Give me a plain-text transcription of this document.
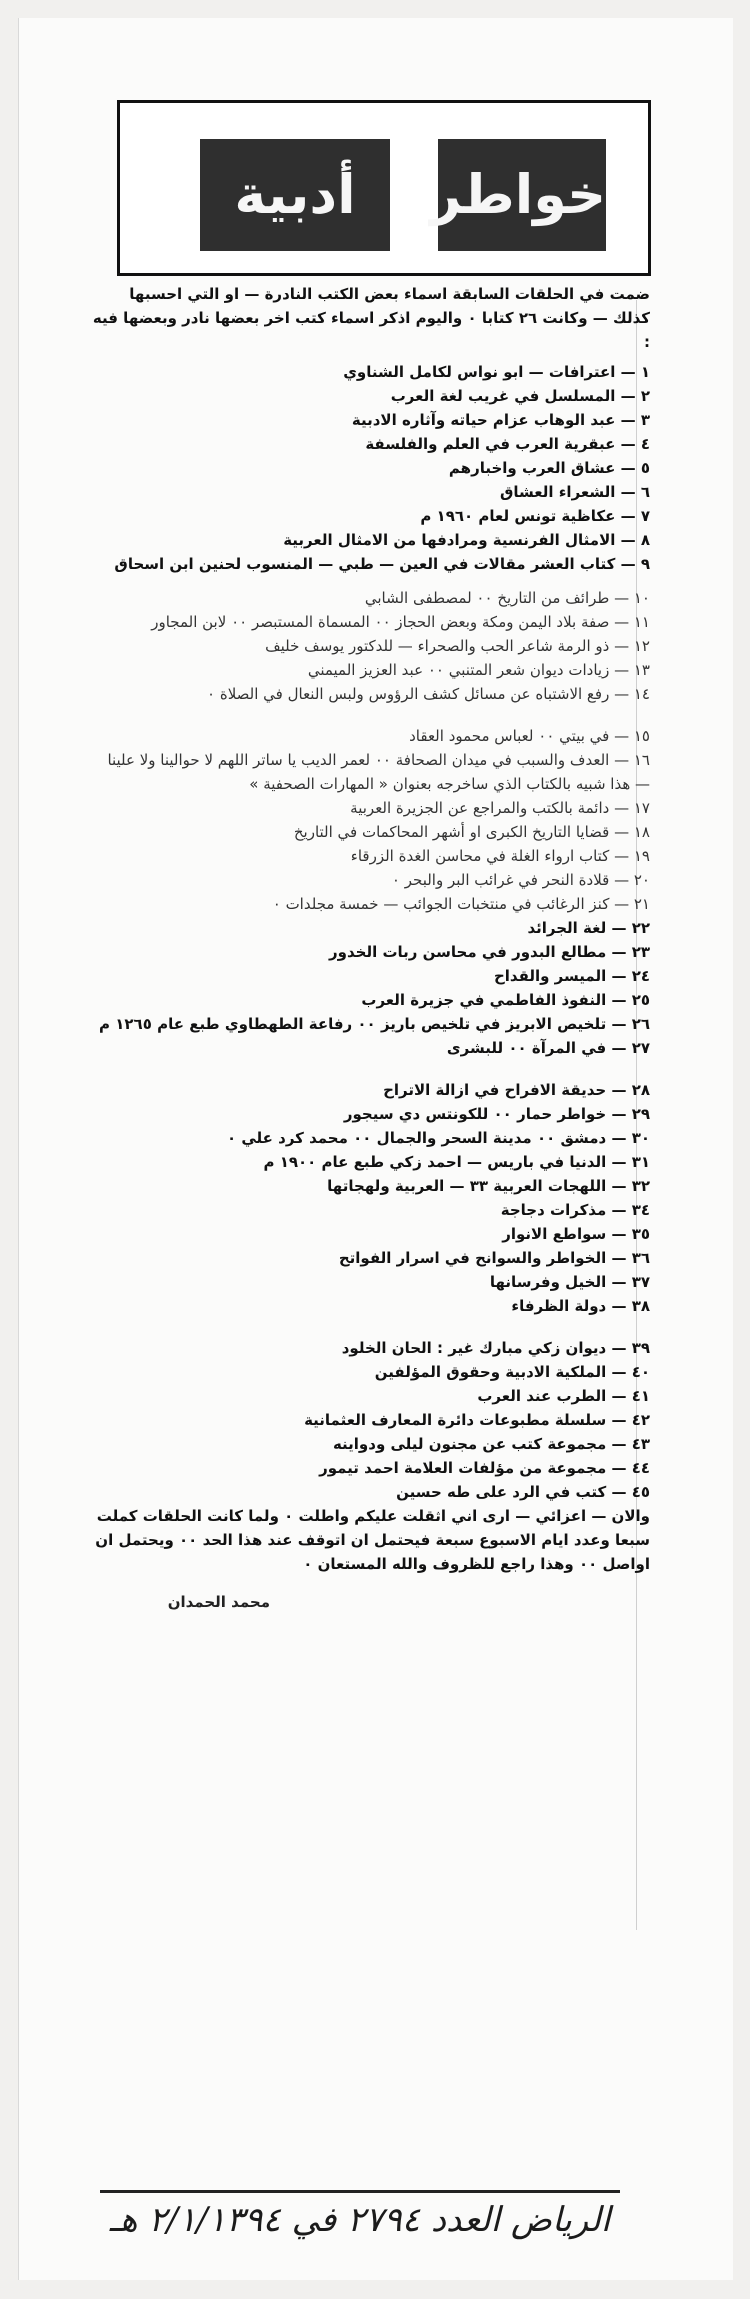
خواطر
أدبية

ضمت في الحلقات السابقة اسماء بعض الكتب النادرة — او التي احسبها كذلك — وكانت ٢٦ كتابا ٠ واليوم اذكر اسماء كتب اخر بعضها نادر وبعضها فيه :

١ — اعترافات — ابو نواس لكامل الشناوي

٢ — المسلسل في غريب لغة العرب

٣ — عبد الوهاب عزام حياته وآثاره الادبية

٤ — عبقرية العرب في العلم والفلسفة

٥ — عشاق العرب واخبارهم

٦ — الشعراء العشاق

٧ — عكاظية تونس لعام ١٩٦٠ م

٨ — الامثال الفرنسية ومرادفها من الامثال العربية

٩ — كتاب العشر مقالات في العين — طبي — المنسوب لحنين ابن اسحاق

١٠ — طرائف من التاريخ ٠٠ لمصطفى الشابي

١١ — صفة بلاد اليمن ومكة وبعض الحجاز ٠٠ المسماة المستبصر ٠٠ لابن المجاور

١٢ — ذو الرمة شاعر الحب والصحراء — للدكتور يوسف خليف

١٣ — زيادات ديوان شعر المتنبي ٠٠ عبد العزيز الميمني

١٤ — رفع الاشتباه عن مسائل كشف الرؤوس ولبس النعال في الصلاة ٠

١٥ — في بيتي ٠٠ لعباس محمود العقاد

١٦ — العدف والسبب في ميدان الصحافة ٠٠ لعمر الديب يا ساتر اللهم لا حوالينا ولا علينا — هذا شبيه بالكتاب الذي ساخرجه بعنوان « المهارات الصحفية »

١٧ — دائمة بالكتب والمراجع عن الجزيرة العربية

١٨ — قضايا التاريخ الكبرى او أشهر المحاكمات في التاريخ

١٩ — كتاب ارواء الغلة في محاسن الغدة الزرقاء

٢٠ — قلادة النحر في غرائب البر والبحر ٠

٢١ — كنز الرغائب في منتخبات الجوائب — خمسة مجلدات ٠

٢٢ — لغة الجرائد

٢٣ — مطالع البدور في محاسن ربات الخدور

٢٤ — الميسر والقداح

٢٥ — النفوذ الفاطمي في جزيرة العرب

٢٦ — تلخيص الابريز في تلخيص باريز ٠٠ رفاعة الطهطاوي طبع عام ١٢٦٥ م

٢٧ — في المرآة ٠٠ للبشرى

٢٨ — حديقة الافراح في ازالة الاتراح

٢٩ — خواطر حمار ٠٠ للكونتس دي سيجور

٣٠ — دمشق ٠٠ مدينة السحر والجمال ٠٠ محمد كرد علي ٠

٣١ — الدنيا في باريس — احمد زكي طبع عام ١٩٠٠ م

٣٢ — اللهجات العربية ٣٣ — العربية ولهجاتها

٣٤ — مذكرات دجاجة

٣٥ — سواطع الانوار

٣٦ — الخواطر والسوانح في اسرار الفواتح

٣٧ — الخيل وفرسانها

٣٨ — دولة الظرفاء

٣٩ — ديوان زكي مبارك غير : الحان الخلود

٤٠ — الملكية الادبية وحقوق المؤلفين

٤١ — الطرب عند العرب

٤٢ — سلسلة مطبوعات دائرة المعارف العثمانية

٤٣ — مجموعة كتب عن مجنون ليلى ودواينه

٤٤ — مجموعة من مؤلفات العلامة احمد تيمور

٤٥ — كتب في الرد على طه حسين

والان — اعزائي — ارى اني اثقلت عليكم واطلت ٠ ولما كانت الحلقات كملت سبعا وعدد ايام الاسبوع سبعة فيحتمل ان اتوقف عند هذا الحد ٠٠ ويحتمل ان اواصل ٠٠ وهذا راجع للظروف والله المستعان ٠

محمد الحمدان

الرياض العدد ٢٧٩٤ في ٢/١/١٣٩٤ هـ
